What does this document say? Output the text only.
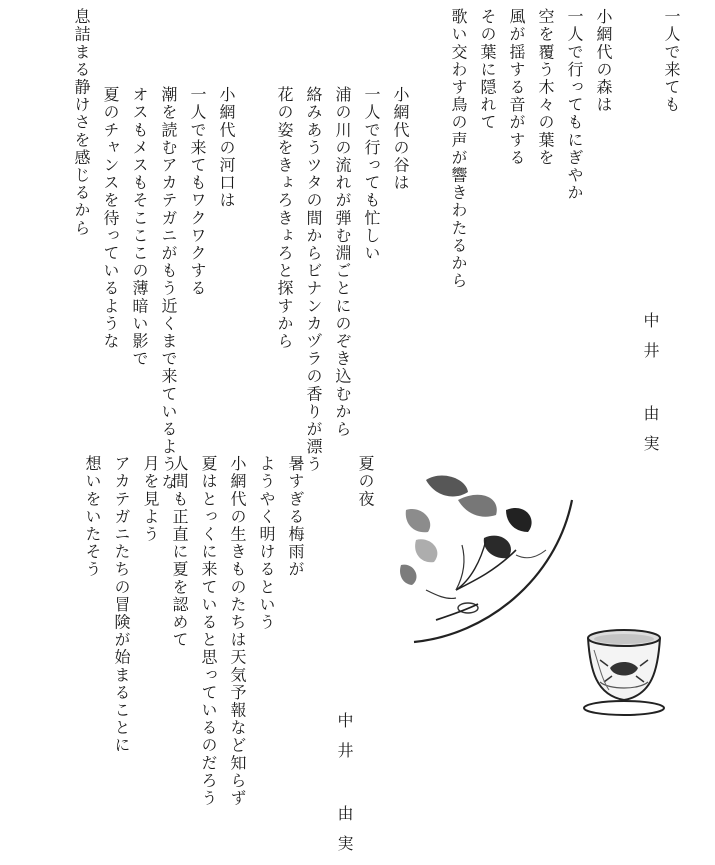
一人で来ても
小網代の森は
一人で行ってもにぎやか
空を覆う木々の葉を
風が揺する音がする
その葉に隠れて
歌い交わす鳥の声が響きわたるから
小網代の谷は
一人で行っても忙しい
浦の川の流れが弾む淵ごとにのぞき込むから
絡みあうツタの間からビナンカヅラの香りが漂う
花の姿をきょろきょろと探すから
小網代の河口は
一人で来てもワクワクする
潮を読むアカテガニがもう近くまで来ているような
オスもメスもそこここの薄暗い影で
夏のチャンスを待っているような
息詰まる静けさを感じるから
中井 由実
夏の夜
暑すぎる梅雨が
ようやく明けるという
小網代の生きものたちは天気予報など知らず
夏はとっくに来ていると思っているのだろう
人間も正直に夏を認めて
月を見よう
アカテガニたちの冒険が始まることに
想いをいたそう
中井 由実
